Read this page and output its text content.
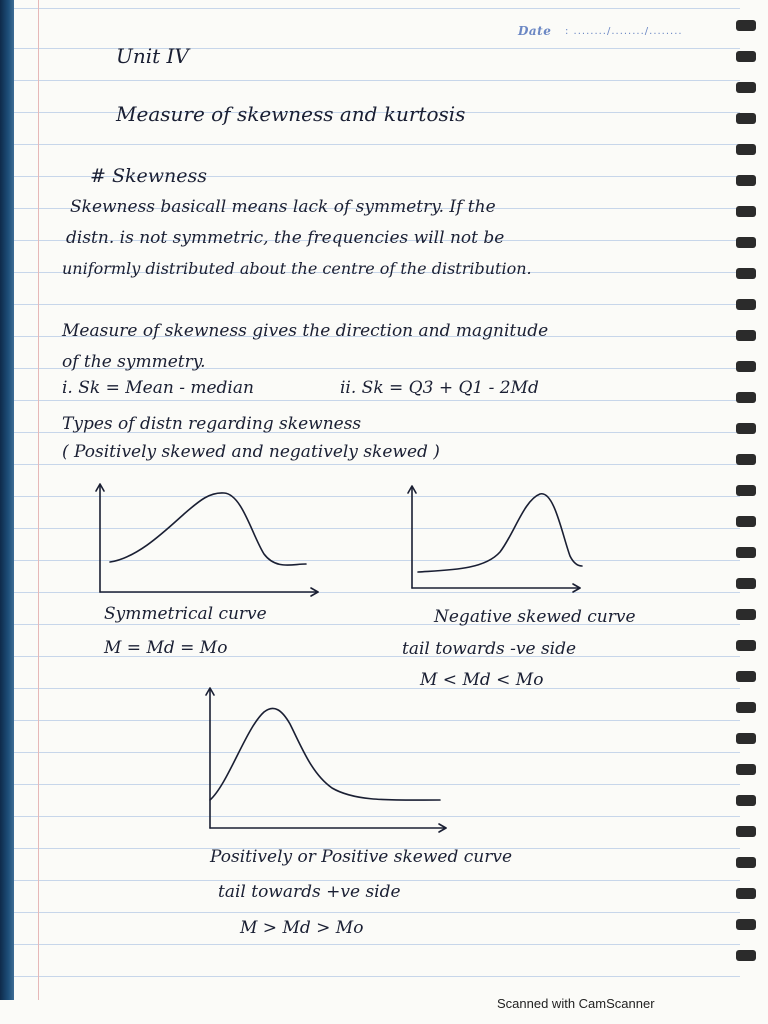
Date : ......../......../........
Unit IV
Measure of skewness and kurtosis
# Skewness
Skewness basicall means lack of symmetry. If the
distn. is not symmetric, the frequencies will not be
uniformly distributed about the centre of the distribution.
Measure of skewness gives the direction and magnitude
of the symmetry.
i. Sk = Mean - median	ii. Sk = Q3 + Q1 - 2Md
Types of distn regarding skewness
( Positively skewed and negatively skewed )
Symmetrical curve
M = Md = Mo
Negative skewed curve
tail towards -ve side
M < Md < Mo
Positively or Positive skewed curve
tail towards +ve side
M > Md > Mo
Scanned with CamScanner
